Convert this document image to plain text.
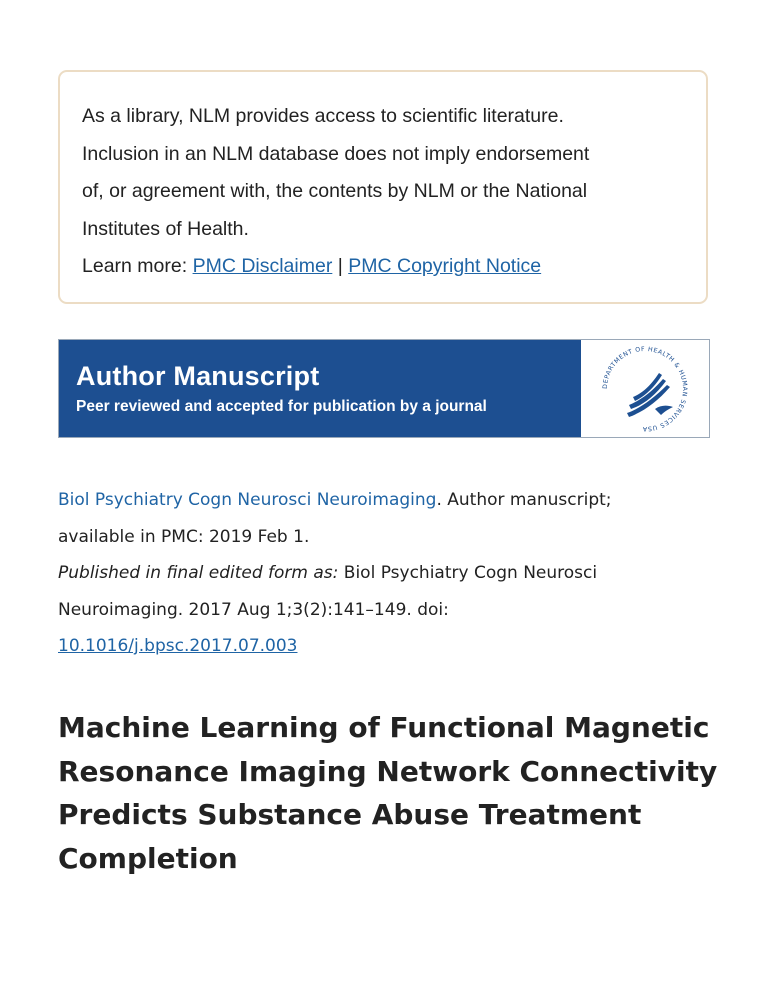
As a library, NLM provides access to scientific literature.

Inclusion in an NLM database does not imply endorsement

of, or agreement with, the contents by NLM or the National

Institutes of Health.

Learn more: PMC Disclaimer | PMC Copyright Notice

Author Manuscript
Peer reviewed and accepted for publication by a journal
DEPARTMENT OF HEALTH & HUMAN SERVICES USA
Biol Psychiatry Cogn Neurosci Neuroimaging. Author manuscript;
available in PMC: 2019 Feb 1.
Published in final edited form as: Biol Psychiatry Cogn Neurosci
Neuroimaging. 2017 Aug 1;3(2):141–149. doi:
10.1016/j.bpsc.2017.07.003
Machine Learning of Functional Magnetic Resonance Imaging Network Connectivity Predicts Substance Abuse Treatment Completion
